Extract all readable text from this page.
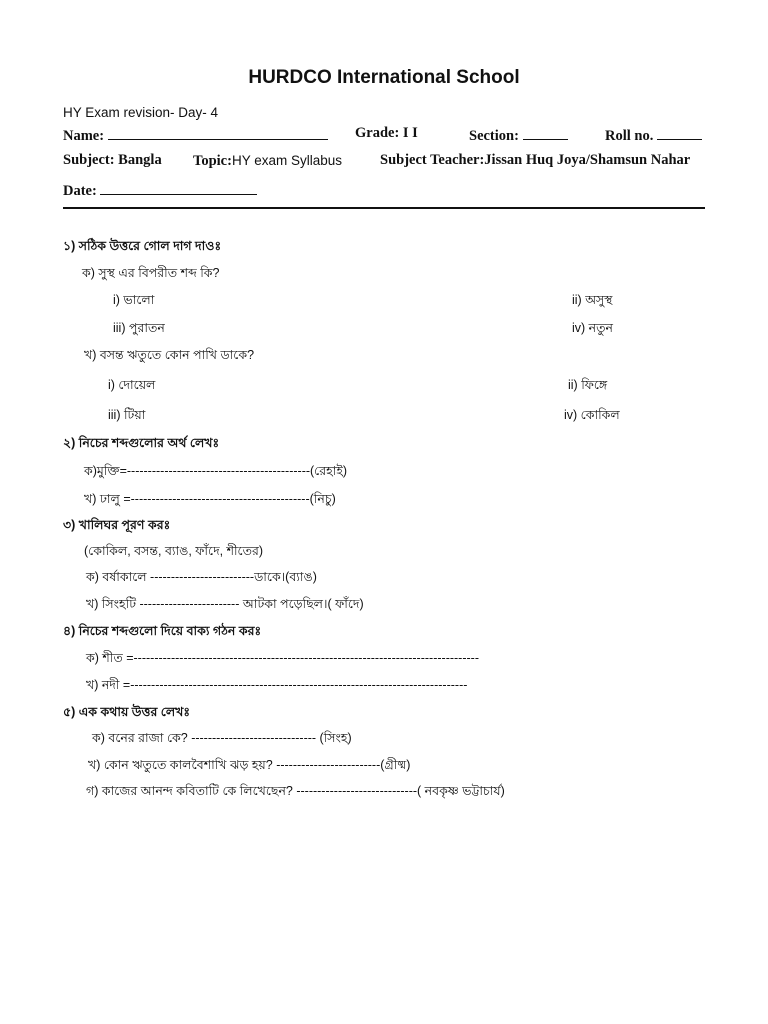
HURDCO International School
HY Exam revision- Day- 4
Name:	Grade: I I	Section:	Roll no.
Subject: Bangla Topic:HY exam Syllabus	Subject Teacher:Jissan Huq Joya/Shamsun Nahar
Date:
১) সঠিক উত্তরে গোল দাগ দাওঃ
ক) সুস্থ এর বিপরীত শব্দ কি?
i) ভালো	ii) অসুস্থ
iii) পুরাতন	iv) নতুন
খ) বসন্ত ঋতুতে কোন পাখি ডাকে?
i) দোয়েল	ii) ফিঙ্গে
iii) টিয়া	iv) কোকিল
২) নিচের শব্দগুলোর অর্থ লেখঃ
ক)মুক্তি=--------------------------------------------(রেহাই)
খ) ঢালু =-------------------------------------------(নিচু)
৩) খালিঘর পূরণ করঃ
(কোকিল, বসন্ত, ব্যাঙ, ফাঁদে, শীতের)
ক) বর্ষাকালে -------------------------ডাকে।(ব্যাঙ)
খ) সিংহটি ------------------------ আটকা পড়েছিল।( ফাঁদে)
৪) নিচের শব্দগুলো দিয়ে বাক্য গঠন করঃ
ক) শীত =-----------------------------------------------------------------------------------
খ) নদী =---------------------------------------------------------------------------------
৫) এক কথায় উত্তর লেখঃ
ক) বনের রাজা কে? ------------------------------ (সিংহ)
খ) কোন ঋতুতে কালবৈশাখি ঝড় হয়? -------------------------(গ্রীষ্ম)
গ) কাজের আনন্দ কবিতাটি কে লিখেছেন? -----------------------------( নবকৃষ্ণ ভট্টাচার্য)
